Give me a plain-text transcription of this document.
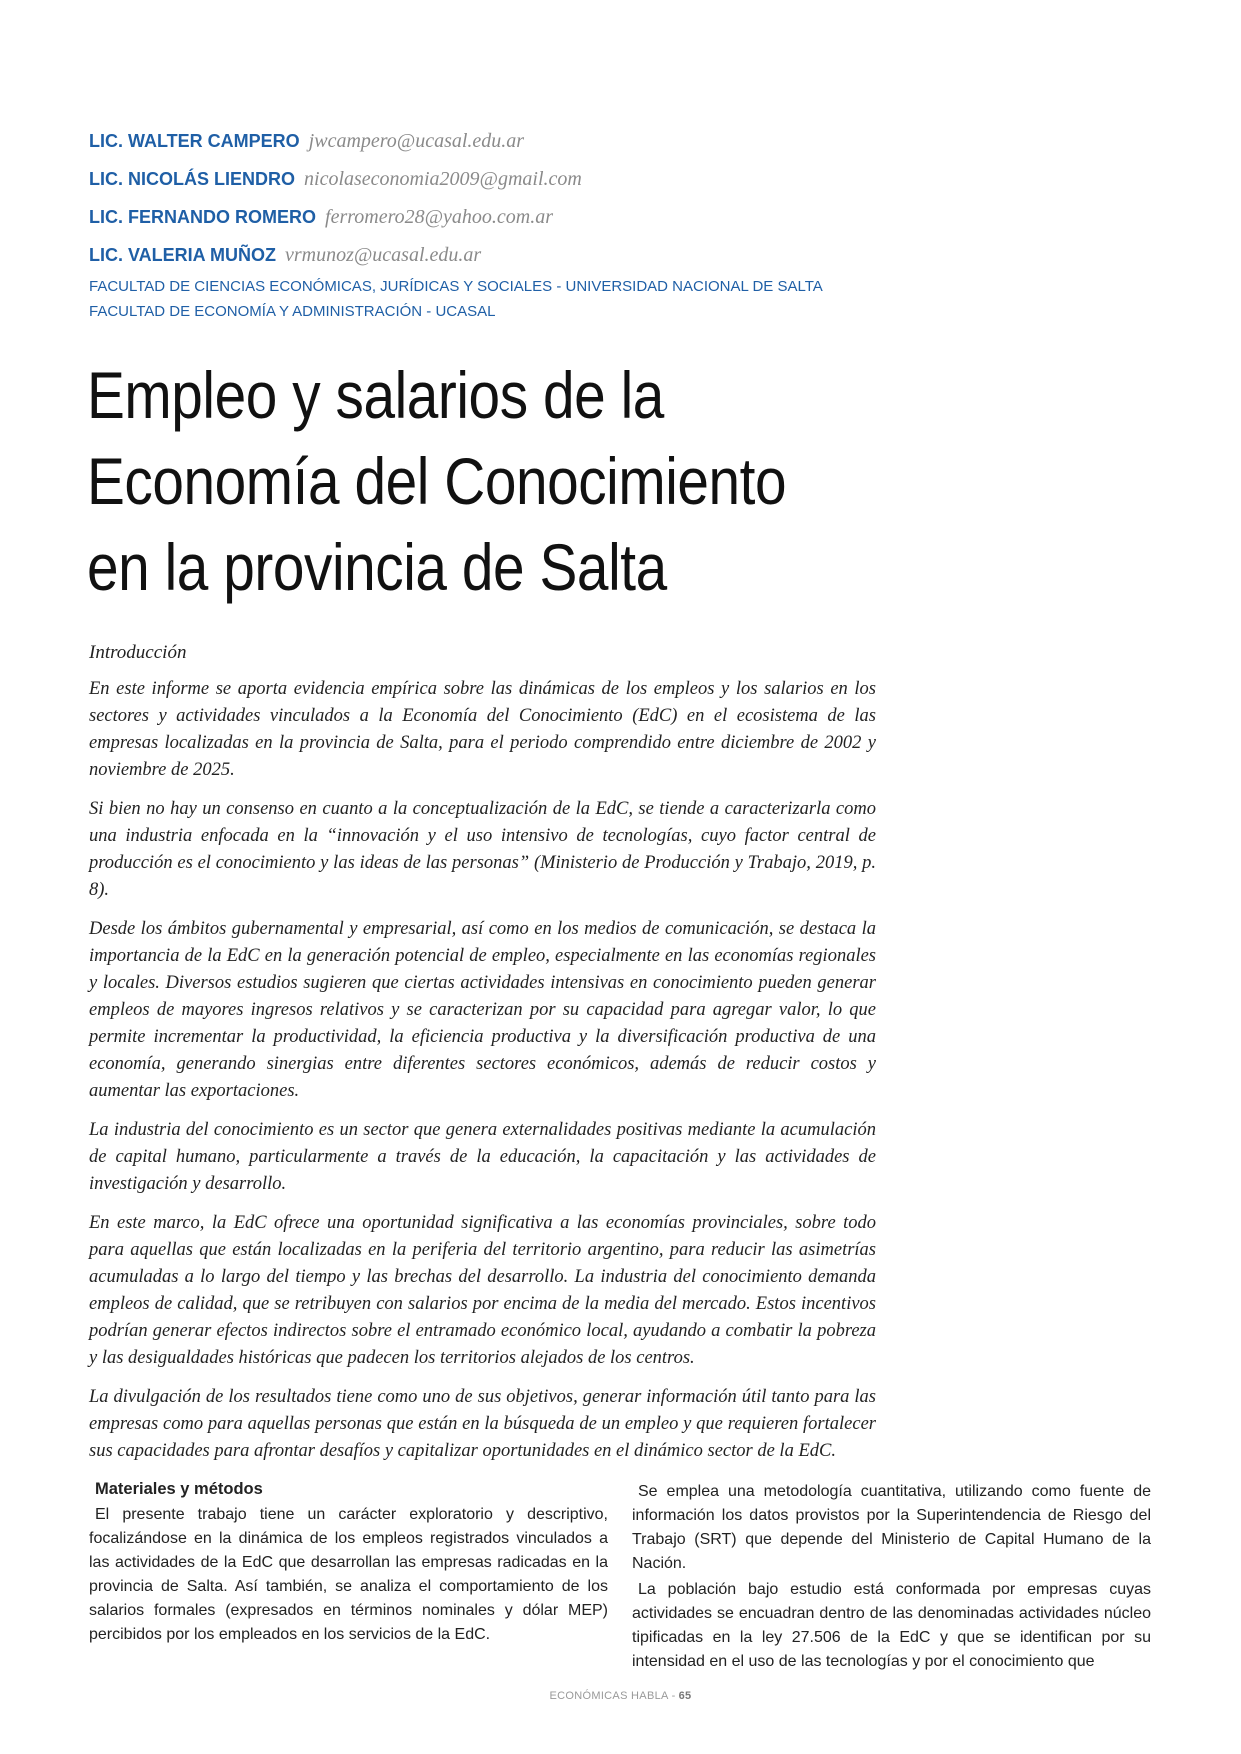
LIC. WALTER CAMPERO jwcampero@ucasal.edu.ar
LIC. NICOLÁS LIENDRO nicolaseconomia2009@gmail.com
LIC. FERNANDO ROMERO ferromero28@yahoo.com.ar
LIC. VALERIA MUÑOZ vrmunoz@ucasal.edu.ar
FACULTAD DE CIENCIAS ECONÓMICAS, JURÍDICAS Y SOCIALES - UNIVERSIDAD NACIONAL DE SALTA
FACULTAD DE ECONOMÍA Y ADMINISTRACIÓN - UCASAL
Empleo y salarios de la
Economía del Conocimiento
en la provincia de Salta
Introducción

En este informe se aporta evidencia empírica sobre las dinámicas de los empleos y los salarios en los sectores y actividades vinculados a la Economía del Conocimiento (EdC) en el ecosistema de las empresas localizadas en la provincia de Salta, para el periodo comprendido entre diciembre de 2002 y noviembre de 2025.

Si bien no hay un consenso en cuanto a la conceptualización de la EdC, se tiende a caracterizarla como una industria enfocada en la “innovación y el uso intensivo de tecnologías, cuyo factor central de producción es el conocimiento y las ideas de las personas” (Ministerio de Producción y Trabajo, 2019, p. 8).

Desde los ámbitos gubernamental y empresarial, así como en los medios de comunicación, se destaca la importancia de la EdC en la generación potencial de empleo, especialmente en las economías regionales y locales. Diversos estudios sugieren que ciertas actividades intensivas en conocimiento pueden generar empleos de mayores ingresos relativos y se caracterizan por su capacidad para agregar valor, lo que permite incrementar la productividad, la eficiencia productiva y la diversificación productiva de una economía, generando sinergias entre diferentes sectores económicos, además de reducir costos y aumentar las exportaciones.

La industria del conocimiento es un sector que genera externalidades positivas mediante la acumulación de capital humano, particularmente a través de la educación, la capacitación y las actividades de investigación y desarrollo.

En este marco, la EdC ofrece una oportunidad significativa a las economías provinciales, sobre todo para aquellas que están localizadas en la periferia del territorio argentino, para reducir las asimetrías acumuladas a lo largo del tiempo y las brechas del desarrollo. La industria del conocimiento demanda empleos de calidad, que se retribuyen con salarios por encima de la media del mercado. Estos incentivos podrían generar efectos indirectos sobre el entramado económico local, ayudando a combatir la pobreza y las desigualdades históricas que padecen los territorios alejados de los centros.

La divulgación de los resultados tiene como uno de sus objetivos, generar información útil tanto para las empresas como para aquellas personas que están en la búsqueda de un empleo y que requieren fortalecer sus capacidades para afrontar desafíos y capitalizar oportunidades en el dinámico sector de la EdC.

Materiales y métodos

El presente trabajo tiene un carácter exploratorio y descriptivo, focalizándose en la dinámica de los empleos registrados vinculados a las actividades de la EdC que desarrollan las empresas radicadas en la provincia de Salta. Así también, se analiza el comportamiento de los salarios formales (expresados en términos nominales y dólar MEP) percibidos por los empleados en los servicios de la EdC.

Se emplea una metodología cuantitativa, utilizando como fuente de información los datos provistos por la Superintendencia de Riesgo del Trabajo (SRT) que depende del Ministerio de Capital Humano de la Nación.

La población bajo estudio está conformada por empresas cuyas actividades se encuadran dentro de las denominadas actividades núcleo tipificadas en la ley 27.506 de la EdC y que se identifican por su intensidad en el uso de las tecnologías y por el conocimiento que

ECONÓMICAS HABLA - 65
